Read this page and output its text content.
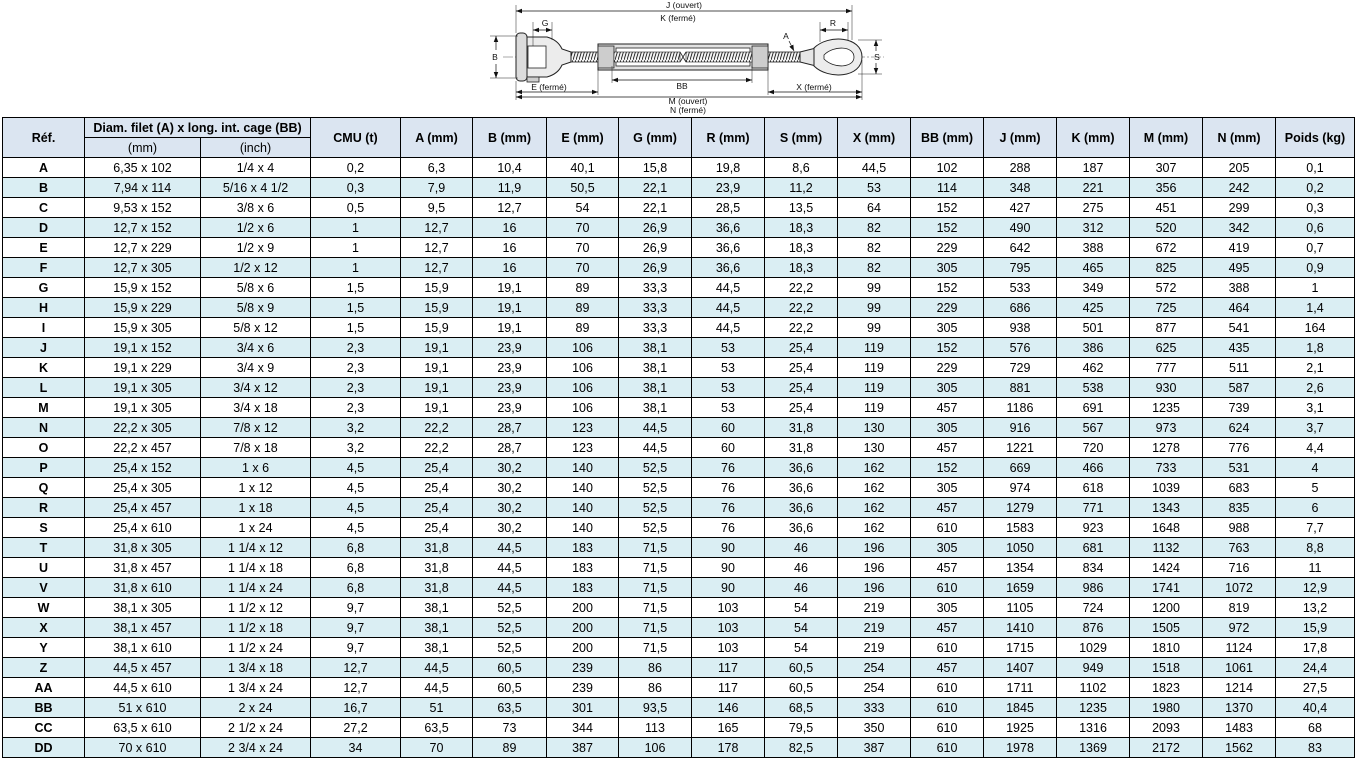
J (ouvert)
K (fermé)
G	R
A
B	S
BB
E (fermé)	X (fermé)
M (ouvert)
N (fermé)
Réf.	Diam. filet (A) x long. int. cage (BB)		CMU (t)	A (mm)	B (mm)	E (mm)	G (mm)	R (mm)	S (mm)	X (mm)	BB (mm)	J (mm)	K (mm)	M (mm)	N (mm)	Poids (kg)
	(mm)	(inch)														
A	6,35 x 102	1/4 x 4	0,2	6,3	10,4	40,1	15,8	19,8	8,6	44,5	102	288	187	307	205	0,1
B	7,94 x 114	5/16 x 4 1/2	0,3	7,9	11,9	50,5	22,1	23,9	11,2	53	114	348	221	356	242	0,2
C	9,53 x 152	3/8 x 6	0,5	9,5	12,7	54	22,1	28,5	13,5	64	152	427	275	451	299	0,3
D	12,7 x 152	1/2 x 6	1	12,7	16	70	26,9	36,6	18,3	82	152	490	312	520	342	0,6
E	12,7 x 229	1/2 x 9	1	12,7	16	70	26,9	36,6	18,3	82	229	642	388	672	419	0,7
F	12,7 x 305	1/2 x 12	1	12,7	16	70	26,9	36,6	18,3	82	305	795	465	825	495	0,9
G	15,9 x 152	5/8 x 6	1,5	15,9	19,1	89	33,3	44,5	22,2	99	152	533	349	572	388	1
H	15,9 x 229	5/8 x 9	1,5	15,9	19,1	89	33,3	44,5	22,2	99	229	686	425	725	464	1,4
I	15,9 x 305	5/8 x 12	1,5	15,9	19,1	89	33,3	44,5	22,2	99	305	938	501	877	541	164
J	19,1 x 152	3/4 x 6	2,3	19,1	23,9	106	38,1	53	25,4	119	152	576	386	625	435	1,8
K	19,1 x 229	3/4 x 9	2,3	19,1	23,9	106	38,1	53	25,4	119	229	729	462	777	511	2,1
L	19,1 x 305	3/4 x 12	2,3	19,1	23,9	106	38,1	53	25,4	119	305	881	538	930	587	2,6
M	19,1 x 305	3/4 x 18	2,3	19,1	23,9	106	38,1	53	25,4	119	457	1186	691	1235	739	3,1
N	22,2 x 305	7/8 x 12	3,2	22,2	28,7	123	44,5	60	31,8	130	305	916	567	973	624	3,7
O	22,2 x 457	7/8 x 18	3,2	22,2	28,7	123	44,5	60	31,8	130	457	1221	720	1278	776	4,4
P	25,4 x 152	1 x 6	4,5	25,4	30,2	140	52,5	76	36,6	162	152	669	466	733	531	4
Q	25,4 x 305	1 x 12	4,5	25,4	30,2	140	52,5	76	36,6	162	305	974	618	1039	683	5
R	25,4 x 457	1 x 18	4,5	25,4	30,2	140	52,5	76	36,6	162	457	1279	771	1343	835	6
S	25,4 x 610	1 x 24	4,5	25,4	30,2	140	52,5	76	36,6	162	610	1583	923	1648	988	7,7
T	31,8 x 305	1 1/4 x 12	6,8	31,8	44,5	183	71,5	90	46	196	305	1050	681	1132	763	8,8
U	31,8 x 457	1 1/4 x 18	6,8	31,8	44,5	183	71,5	90	46	196	457	1354	834	1424	716	11
V	31,8 x 610	1 1/4 x 24	6,8	31,8	44,5	183	71,5	90	46	196	610	1659	986	1741	1072	12,9
W	38,1 x 305	1 1/2 x 12	9,7	38,1	52,5	200	71,5	103	54	219	305	1105	724	1200	819	13,2
X	38,1 x 457	1 1/2 x 18	9,7	38,1	52,5	200	71,5	103	54	219	457	1410	876	1505	972	15,9
Y	38,1 x 610	1 1/2 x 24	9,7	38,1	52,5	200	71,5	103	54	219	610	1715	1029	1810	1124	17,8
Z	44,5 x 457	1 3/4 x 18	12,7	44,5	60,5	239	86	117	60,5	254	457	1407	949	1518	1061	24,4
AA	44,5 x 610	1 3/4 x 24	12,7	44,5	60,5	239	86	117	60,5	254	610	1711	1102	1823	1214	27,5
BB	51 x 610	2 x 24	16,7	51	63,5	301	93,5	146	68,5	333	610	1845	1235	1980	1370	40,4
CC	63,5 x 610	2 1/2 x 24	27,2	63,5	73	344	113	165	79,5	350	610	1925	1316	2093	1483	68
DD	70 x 610	2 3/4 x 24	34	70	89	387	106	178	82,5	387	610	1978	1369	2172	1562	83
